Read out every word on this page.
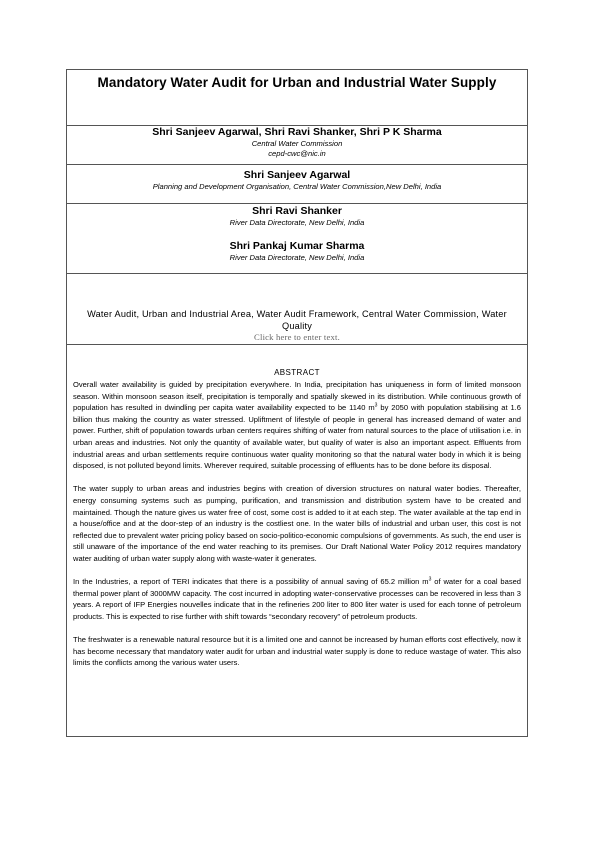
Mandatory Water Audit for Urban and Industrial Water Supply
Shri Sanjeev Agarwal, Shri Ravi Shanker, Shri P K Sharma
Central Water Commission
cepd-cwc@nic.in
Shri Sanjeev Agarwal
Planning and Development Organisation, Central Water Commission,New Delhi, India
Shri Ravi Shanker
River Data Directorate, New Delhi, India
Shri Pankaj Kumar Sharma
River Data Directorate, New Delhi, India
Water Audit, Urban and Industrial Area, Water Audit Framework, Central Water Commission, Water Quality
Click here to enter text.
ABSTRACT

Overall water availability is guided by precipitation everywhere. In India, precipitation has uniqueness in form of limited monsoon season. Within monsoon season itself, precipitation is temporally and spatially skewed in its distribution. While continuous growth of population has resulted in dwindling per capita water availability expected to be 1140 $m^3$ by 2050 with population stabilising at 1.6 billion thus making the country as water stressed. Upliftment of lifestyle of people in general has increased demand of water and power. Further, shift of population towards urban centers requires shifting of water from natural sources to the place of utilisation i.e. in urban areas and industries. Not only the quantity of available water, but quality of water is also an important aspect. Effluents from industrial areas and urban settlements require continuous water quality monitoring so that the natural water body in which it is being disposed, is not polluted beyond limits. Wherever required, suitable processing of effluents has to be done before its disposal.

The water supply to urban areas and industries begins with creation of diversion structures on natural water bodies. Thereafter, energy consuming systems such as pumping, purification, and transmission and distribution system have to be created and maintained. Though the nature gives us water free of cost, some cost is added to it at each step. The water available at the tap end in a house/office and at the door-step of an industry is the costliest one. In the water bills of industrial and urban user, this cost is not reflected due to prevalent water pricing policy based on socio-politico-economic compulsions of governments. As such, the end user is still unaware of the importance of the end water reaching to its premises. Our Draft National Water Policy 2012 requires mandatory water auditing of urban water supply along with waste-water it generates.

In the Industries, a report of TERI indicates that there is a possibility of annual saving of 65.2 million $m^3$ of water for a coal based thermal power plant of 3000MW capacity. The cost incurred in adopting water-conservative processes can be recovered in less than 3 years. A report of IFP Energies nouvelles indicate that in the refineries 200 liter to 800 liter water is used for each tonne of petroleum products. This is expected to rise further with shift towards “secondary recovery” of petroleum products.

The freshwater is a renewable natural resource but it is a limited one and cannot be increased by human efforts cost effectively, now it has become necessary that mandatory water audit for urban and industrial water supply is done to reduce wastage of water. This also limits the conflicts among the various water users.
